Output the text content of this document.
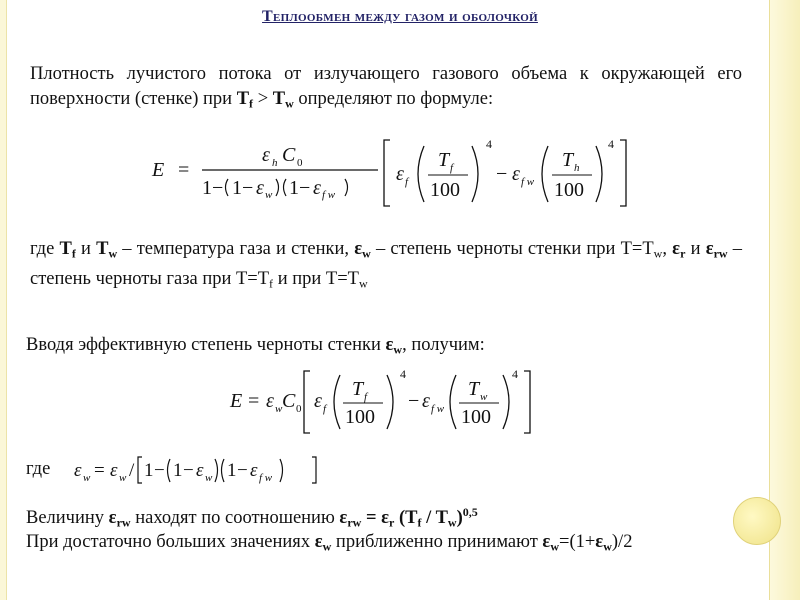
Теплообмен между газом и оболочкой
Плотность лучистого потока от излучающего газового объема к окружающей его поверхности (стенке) при $T_f > T_w$ определяют по формуле:
E =
ε h C 0
1 − 1 − ε w 1 − ε f w
ε f
T f
100
4
− ε f w
T h
100
4
где $T_f$ и $T_w$ – температура газа и стенки, $\varepsilon_w$ – степень черноты стенки при $T=T_w$, $\varepsilon_r$ и $\varepsilon_{rw}$ – степень черноты газа при $T=T_f$ и при $T=T_w$
Вводя эффективную степень черноты стенки $\varepsilon_w$, получим:
E = ε w C 0 ε f
T f
100
4
− ε f w
T w
100
4
где ε w = ε w / 1 − 1 − ε w 1 − ε f w
Величину $\varepsilon_{rw}$ находят по соотношению $\varepsilon_{rw} = \varepsilon_r$ $(T_f / T_w)^{0,5}$
При достаточно больших значениях $\varepsilon_w$ приближенно принимают $\varepsilon_w=(1+\varepsilon_w)/2$
